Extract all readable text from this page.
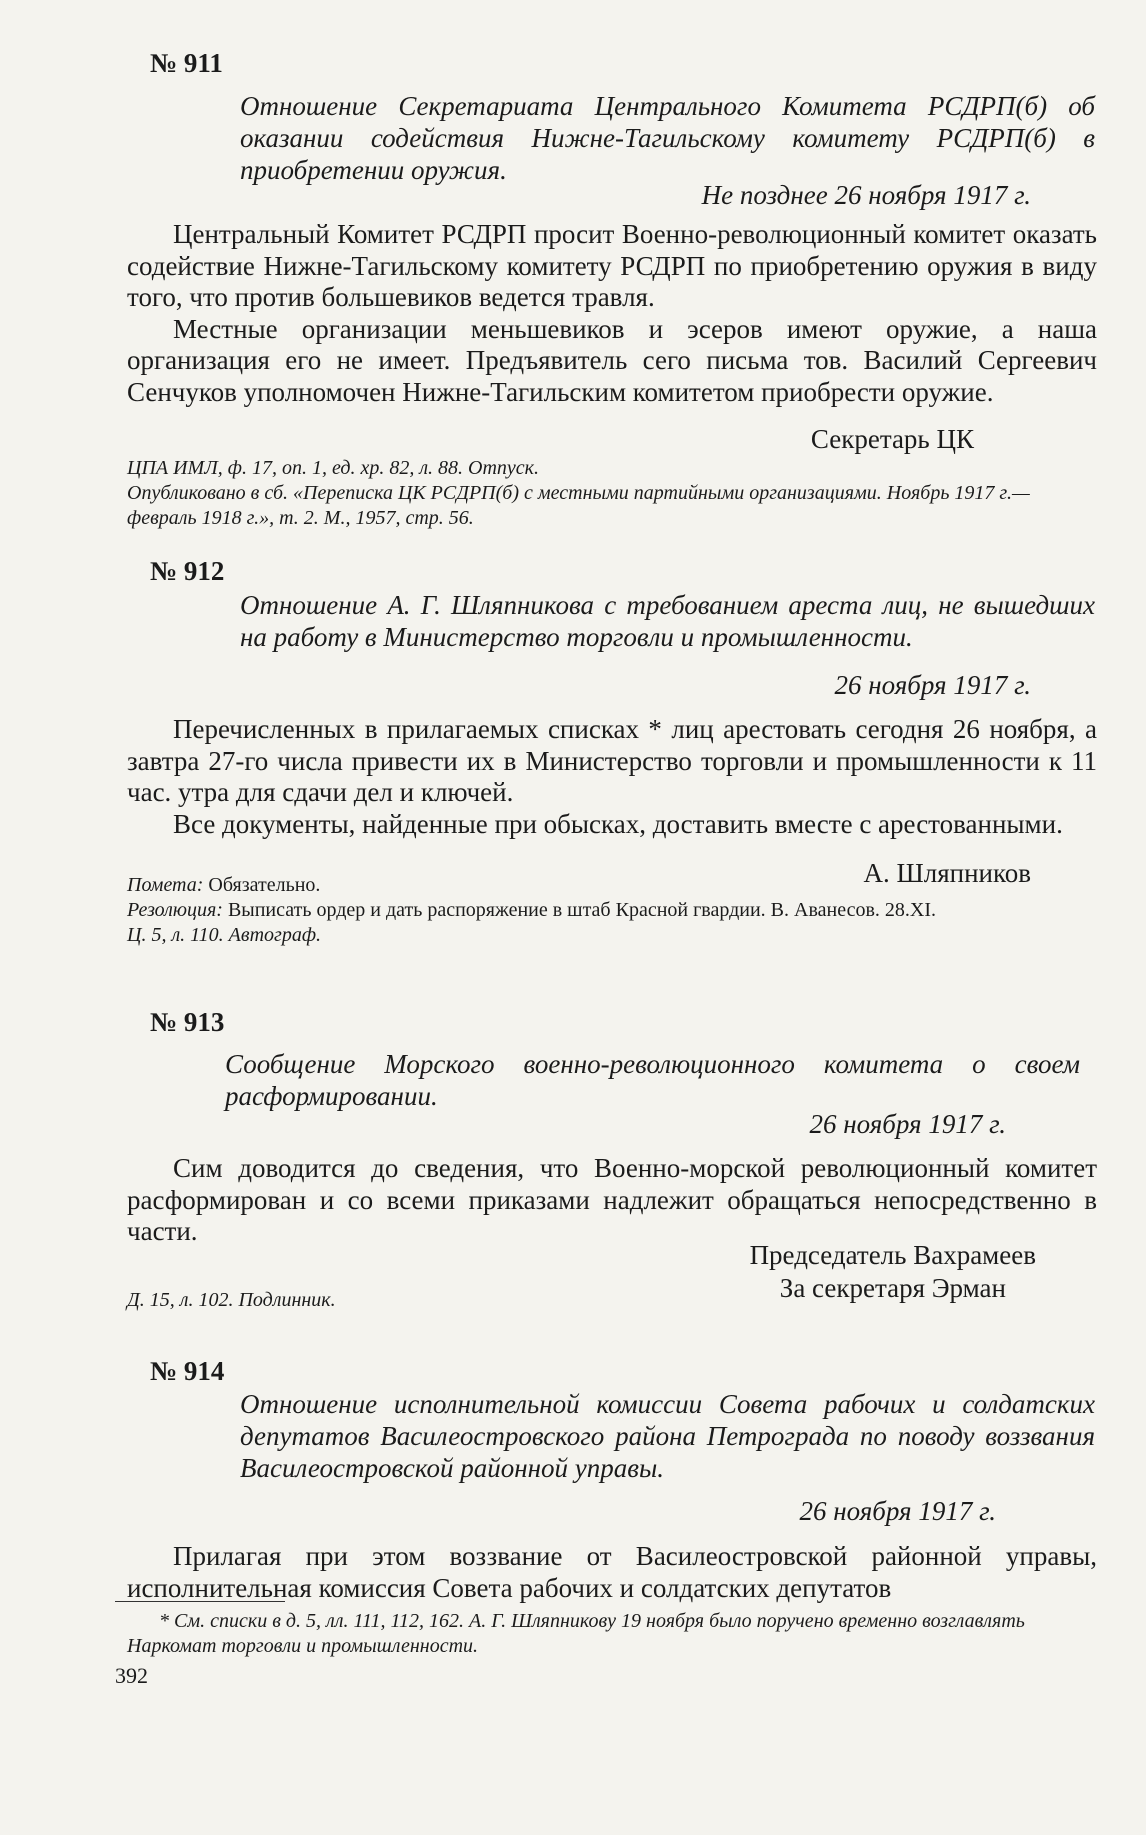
№ 911
Отношение Секретариата Центрального Комитета РСДРП(б) об оказании содействия Нижне-Тагильскому комитету РСДРП(б) в приобретении оружия.
Не позднее 26 ноября 1917 г.

Центральный Комитет РСДРП просит Военно-революционный комитет оказать содействие Нижне-Тагильскому комитету РСДРП по приобретению оружия в виду того, что против большевиков ведется травля.

Местные организации меньшевиков и эсеров имеют оружие, а наша организация его не имеет. Предъявитель сего письма тов. Василий Сергеевич Сенчуков уполномочен Нижне-Тагильским комитетом приобрести оружие.

Секретарь ЦК

ЦПА ИМЛ, ф. 17, оп. 1, ед. хр. 82, л. 88. Отпуск.

Опубликовано в сб. «Переписка ЦК РСДРП(б) с местными партийными организациями. Ноябрь 1917 г.— февраль 1918 г.», т. 2. М., 1957, стр. 56.

№ 912
Отношение А. Г. Шляпникова с требованием ареста лиц, не вышедших на работу в Министерство торговли и промышленности.
26 ноября 1917 г.

Перечисленных в прилагаемых списках * лиц арестовать сегодня 26 ноября, а завтра 27-го числа привести их в Министерство торговли и промышленности к 11 час. утра для сдачи дел и ключей.

Все документы, найденные при обысках, доставить вместе с арестованными.

А. Шляпников

Помета: Обязательно.

Резолюция: Выписать ордер и дать распоряжение в штаб Красной гвардии. В. Аванесов. 28.XI.

Ц. 5, л. 110. Автограф.

№ 913
Сообщение Морского военно-революционного комитета о своем расформировании.
26 ноября 1917 г.

Сим доводится до сведения, что Военно-морской революционный комитет расформирован и со всеми приказами надлежит обращаться непосредственно в части.

Председатель Вахрамеев
За секретаря Эрман

Д. 15, л. 102. Подлинник.

№ 914
Отношение исполнительной комиссии Совета рабочих и солдатских депутатов Василеостровского района Петрограда по поводу воззвания Василеостровской районной управы.
26 ноября 1917 г.

Прилагая при этом воззвание от Василеостровской районной управы, исполнительная комиссия Совета рабочих и солдатских депутатов

* См. списки в д. 5, лл. 111, 112, 162. А. Г. Шляпникову 19 ноября было поручено временно возглавлять Наркомат торговли и промышленности.

392
